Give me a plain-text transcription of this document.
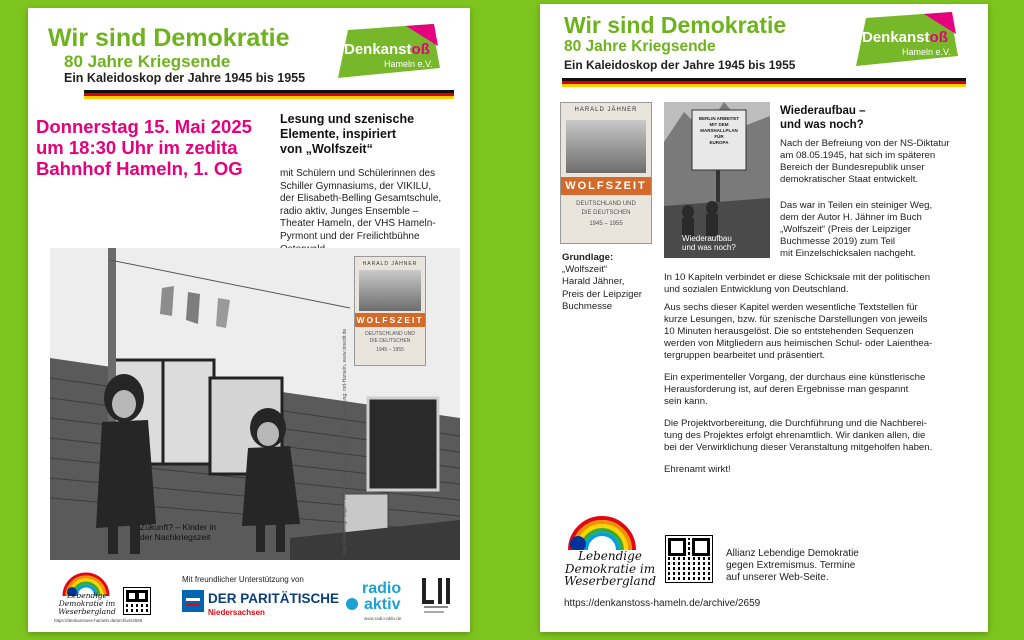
Wir sind Demokratie
80 Jahre Kriegsende
Ein Kaleidoskop der Jahre 1945 bis 1955
Denkanstoß
Hameln e.V.
Donnerstag 15. Mai 2025
um 18:30 Uhr im zedita
Bahnhof Hameln, 1. OG
Lesung und szenische
Elemente, inspiriert
von „Wolfszeit“
mit Schülern und Schülerinnen des
Schiller Gymnasiums, der VIKILU,
der Elisabeth-Belling Gesamtschule,
radio aktiv, Junges Ensemble –
Theater Hameln, der VHS Hameln-
Pyrmont und der Freilichtbühne
Zukunft? – Kinder in
der Nachkriegszeit	Foto: Flüchtlinge Lager Pommersbinn. DIEVEZET Bildarchiv · Gestaltung: md-Hameln, www.innedit.de
HARALD JÄHNER
WOLFSZEIT
DEUTSCHLAND UND
DIE DEUTSCHEN
1945 – 1955
Lebendige
Demokratie im
Weserbergland
https://denkanstoss-hameln.de/archive/2659
Mit freundlicher Unterstützung von
DER PARITÄTISCHE
Niedersachsen
radio
aktiv
www.radio-aktiv.de
Wir sind Demokratie
80 Jahre Kriegsende
Ein Kaleidoskop der Jahre 1945 bis 1955
Denkanstoß
Hameln e.V.
HARALD JÄHNER
WOLFSZEIT
DEUTSCHLAND UND
DIE DEUTSCHEN
1945 – 1955
BERLIN ARBEITET
MIT DEM
MARSHALLPLAN
FÜR
EUROPA
Wiederaufbau
und was noch?
Grundlage:
„Wolfszeit“
Harald Jähner,
Preis der Leipziger
Buchmesse
Wiederaufbau –
und was noch?
Nach der Befreiung von der NS-Diktatur
am 08.05.1945, hat sich im späteren
Bereich der Bundesrepublik unser
demokratischer Staat entwickelt.
Das war in Teilen ein steiniger Weg,
dem der Autor H. Jähner im Buch
„Wolfszeit“ (Preis der Leipziger
Buchmesse 2019) zum Teil
mit Einzelschicksalen nachgeht.
In 10 Kapiteln verbindet er diese Schicksale mit der politischen
und sozialen Entwicklung von Deutschland.
Aus sechs dieser Kapitel werden wesentliche Textstellen für
kurze Lesungen, bzw. für szenische Darstellungen von jeweils
10 Minuten herausgelöst. Die so entstehenden Sequenzen
werden von Mitgliedern aus heimischen Schul- oder Laienthea-
tergruppen bearbeitet und präsentiert.
Ein experimenteller Vorgang, der durchaus eine künstlerische
Herausforderung ist, auf deren Ergebnisse man gespannt
sein kann.
Die Projektvorbereitung, die Durchführung und die Nachberei-
tung des Projektes erfolgt ehrenamtlich. Wir danken allen, die
bei der Verwirklichung dieser Veranstaltung mitgeholfen haben.
Ehrenamt wirkt!
Lebendige
Demokratie im
Weserbergland
Allianz Lebendige Demokratie
gegen Extremismus. Termine
auf unserer Web-Seite.
https://denkanstoss-hameln.de/archive/2659
